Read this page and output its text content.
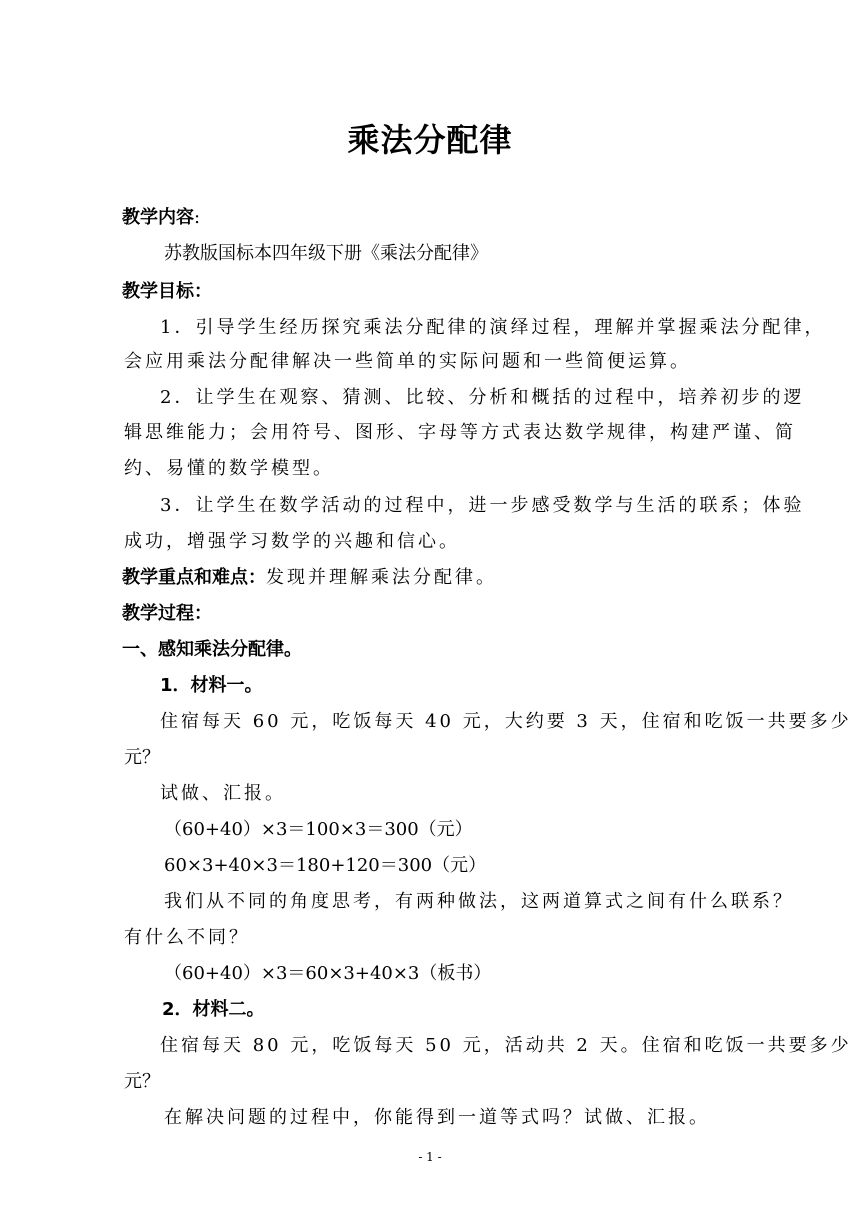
乘法分配律
教学内容:
苏教版国标本四年级下册《乘法分配律》
教学目标：
1．引导学生经历探究乘法分配律的演绎过程，理解并掌握乘法分配律，
会应用乘法分配律解决一些简单的实际问题和一些简便运算。
2．让学生在观察、猜测、比较、分析和概括的过程中，培养初步的逻
辑思维能力；会用符号、图形、字母等方式表达数学规律，构建严谨、简
约、易懂的数学模型。
3．让学生在数学活动的过程中，进一步感受数学与生活的联系；体验
成功，增强学习数学的兴趣和信心。
教学重点和难点：发现并理解乘法分配律。
教学过程：
一、感知乘法分配律。
1．材料一。
住宿每天 60 元，吃饭每天 40 元，大约要 3 天，住宿和吃饭一共要多少
元？
试做、汇报。
（60+40）×3＝100×3＝300（元）
60×3+40×3＝180+120＝300（元）
我们从不同的角度思考，有两种做法，这两道算式之间有什么联系？
有什么不同？
（60+40）×3＝60×3+40×3（板书）
2．材料二。
住宿每天 80 元，吃饭每天 50 元，活动共 2 天。住宿和吃饭一共要多少
元？
在解决问题的过程中，你能得到一道等式吗？试做、汇报。
- 1 -
